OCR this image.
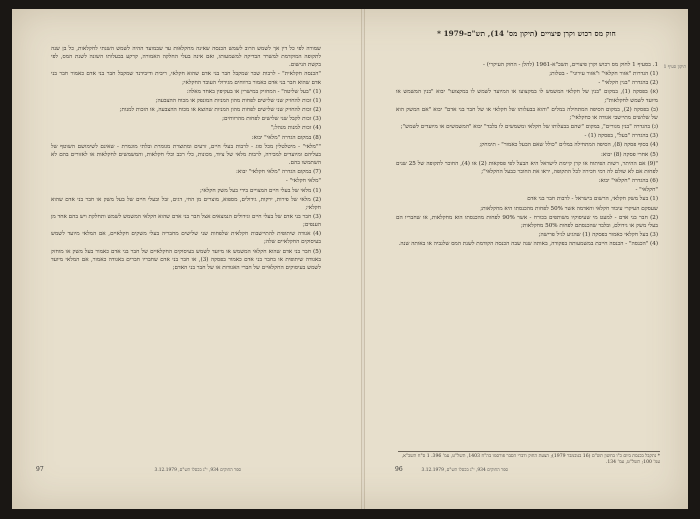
שמורה לפי כל דין אך לשמש הרוב לשמש הכנסה שאינה מחקלאות עד שבמועד ההיה לשמש השנתי לחקלאות, כל בן שנה לתקופה המוקדמת למשרד הבדיקה למשמעותו, ואם אינה בעלי החלקה האמורה, קרקע בבעלותו השונה לשנת המס, לפי בקשת הנישום.

"הכנסה חקלאית" - לרבות שכר שמקבל חבר בני אדם שהוא חקלאי, ריבית ודיבידנד שמקבל חבר בני אדם כאמור חבר בני אדם שהוא חבר בני אדם כאמור ברווחים מגידולי העובד החקלאי;

(1) "בעל שליטה" - המחזיק במישרין או בעקיפין באחד מאלה:

(1) זכות להחזיק שני שלישים לפחות מהון המניות המונפק או מכוח ההצבעה;

(2) זכות להחזיק שני שלישים לפחות מהון המניות שהוצא או מכוח ההצבעה, או הזכות למנות;

(3) זכות לקבל שני שלישים לפחות מהרווחים;

(4) זכות למנות מנהל;"

(8) במקום הגדרה "מלאי" יבוא:

""מלאי" - מיטלטלין מכל סוג - לרבות בעלי חיים, זרעים ומתוצרת מגומרת ובלתי מוגמרת - שאינם לשימושם השוטף של בעליהם ומיועדים למכירה, לרבות מלאי של ציוד, מכונות, כלי רכב וכלי חקלאות, והמשמשים לחקלאות או לאזורים בהם לא השתמשו בהם.

(7) במקום הגדרה "מלאי חקלאי" יבוא:

"מלאי חקלאי" -

(1) מלאי של בעלי חיים המצויים בידי בעל משק חקלאי;

(2) מלאי של פירות, ירקות, גידולים, מספוא, מוצרים מן החי, דגים, זבל ובעלי חיים של בעל משק או חבר בני אדם שהוא חקלאי;

(3) חבר בני אדם של בעלי חיים וגידולים הנמצאים אצל חבר בני אדם שהוא חקלאי המשמש לשמש ותחלקת ויש בהם אחד מן הענפים;

(4) אגודה שיתופית להתיישבות חקלאית שלפחות שני שלישים מחבריה בעלי משקים חקלאיים, אם המלאי מיועד לשמש בעיסוקים החקלאיים שלה;

(5) חבר בני אדם שהוא חקלאי המשמש או מיועד לשמש בעיסוקים החקלאיים של חבר בני אדם כאמור בעל משק או מוחזק באגודה שיתופית או בחבר בני אדם כאמור בפסקה (3), או חבר בני אדם שחבריו חברים באגודה כאמור, אם המלאי מיועד לשמש בעיסוקים החקלאיים של חברי האגודות או של חבר בני האדם;

ספר החוקים 934, י"ג בכסלו תש"ם, 3.12.1979
97
חוק מס רכוש וקרן פיצויים (תיקון מס' 14), תש"ם-1979 *
תיקון סעיף 1

1. בסעיף 1 לחוק מס רכוש וקרן פיצויים, תשכ"א-1961 (להלן - החוק העיקרי) -

(1) הגדרות "אזור חקלאי" ו"אזור עירוני" - בטלות;

(2) בהגדרה "בנין חקלאי" -

(א) בפסקה (1), במקום "בנין של חקלאי המשמש לו במקצועו או המיועד לשמש לו במקצועו" יבוא "בנין המשמש או מיועד לשמש לחקלאות";

(ב) בפסקה (2), במקום הסיפה המתחילה במלים "והוא בבעלותו של חקלאי או של חבר בני אדם" יבוא "אם המשק הוא של שלושים מתיישבי אגודה או כחקלאי";

(ג) בהגדרה "בנין מגורים", במקום "שהם בבעלותו של חקלאי ומשמשים לו בלבד" יבוא "המשמשים או מיועדים לשמש";

(3) בהגדרה "בעל", בפסקה (1) -

(4) בסוף פסקה (8), הסיפה המתחילה במלים "כולל שאם הבעל כאמור" - תימחק;

(5) אחרי פסקה (8) יבוא:

"(9) אם ההיתר, רשות הפיתוח או קרן קיימת לישראל היא הבעל לפי פסקאות (2) או (4), החוכר לתקופה של 25 שנים לפחות אם לא שולם לה דמי חכירה לכל התקופה, יראו את החוכר כבעל החקלאי";

(6) בהגדרה "חקלאי" יבוא:

"חקלאי" -

(1) בעל משק חקלאי, הרשום בישראל - לרבות חבר בני אדם

שעסקם העיקרי עיבוד חקלאי והאדמה אשר 50% לפחות מהכנסתו היא מחקלאות;

(2) חבר בני אדם - למעט מי שעיסוקיו משותפים בכורח - אשר 90% לפחות מהכנסתו הוא מחקלאות, או שחבריו הם בעלי משק או גידולם, ובלבד שהכנסתם לפחות 50% מחקלאות;

(3) בעל חקלאי כאמור בפסקה (1) שהגיע לגיל פרישה;

(4) "הכנסה" - הכנסה חייבת במשמעותה בפקודה, באותה שנה שבה הכנסה הקודמת לשנת המס שלגביה או באותה שנה.

* נתקבל בכנסת ביום כ"ו בחשון תש"ם (16 בנובמבר 1979); הצעת החוק ודברי הסבר פורסמו בה"ח 1403, תשל"ט, עמ' 396. 1 ס"ח תשכ"א, עמ' 100; תשל"ט, עמ' 134.
ספר החוקים 934, י"ג בכסלו תש"ם, 3.12.1979
96
